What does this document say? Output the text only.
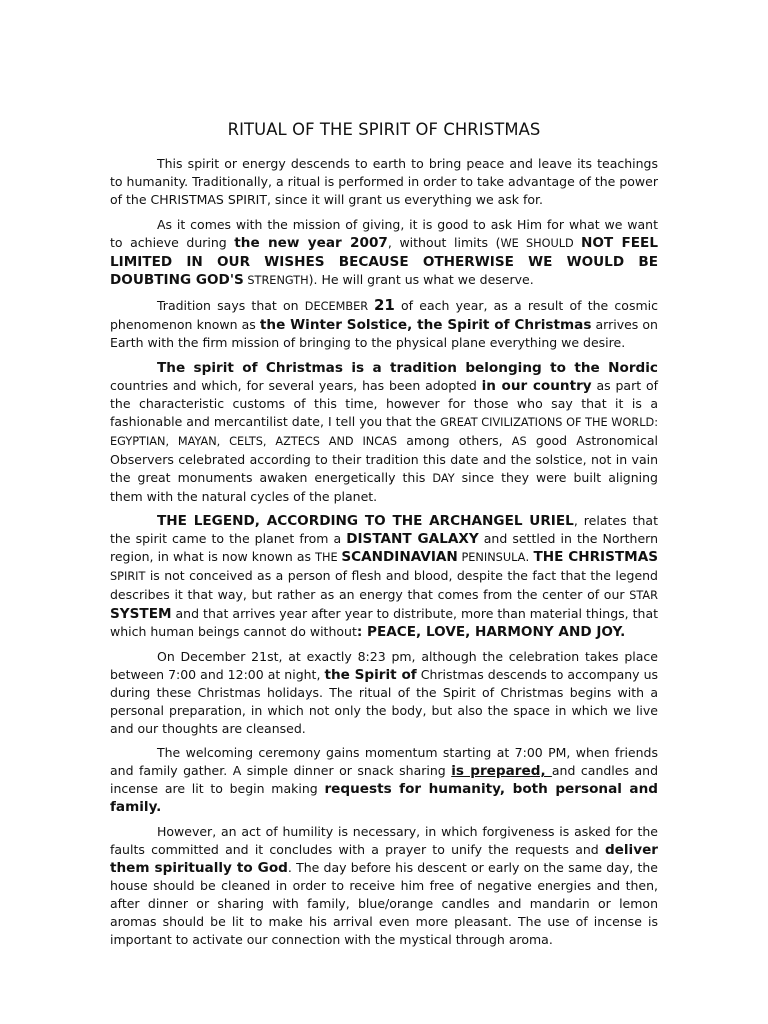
RITUAL OF THE SPIRIT OF CHRISTMAS

This spirit or energy descends to earth to bring peace and leave its teachings to humanity. Traditionally, a ritual is performed in order to take advantage of the power of the CHRISTMAS SPIRIT, since it will grant us everything we ask for.

As it comes with the mission of giving, it is good to ask Him for what we want to achieve during the new year 2007, without limits (WE SHOULD NOT FEEL LIMITED IN OUR WISHES BECAUSE OTHERWISE WE WOULD BE DOUBTING GOD'S STRENGTH). He will grant us what we deserve.

Tradition says that on DECEMBER 21 of each year, as a result of the cosmic phenomenon known as the Winter Solstice, the Spirit of Christmas arrives on Earth with the firm mission of bringing to the physical plane everything we desire.

The spirit of Christmas is a tradition belonging to the Nordic countries and which, for several years, has been adopted in our country as part of the characteristic customs of this time, however for those who say that it is a fashionable and mercantilist date, I tell you that the GREAT CIVILIZATIONS OF THE WORLD: EGYPTIAN, MAYAN, CELTS, AZTECS AND INCAS among others, AS good Astronomical Observers celebrated according to their tradition this date and the solstice, not in vain the great monuments awaken energetically this DAY since they were built aligning them with the natural cycles of the planet.

THE LEGEND, ACCORDING TO THE ARCHANGEL URIEL, relates that the spirit came to the planet from a DISTANT GALAXY and settled in the Northern region, in what is now known as THE SCANDINAVIAN PENINSULA. THE CHRISTMAS SPIRIT is not conceived as a person of flesh and blood, despite the fact that the legend describes it that way, but rather as an energy that comes from the center of our STAR SYSTEM and that arrives year after year to distribute, more than material things, that which human beings cannot do without: PEACE, LOVE, HARMONY AND JOY.

On December 21st, at exactly 8:23 pm, although the celebration takes place between 7:00 and 12:00 at night, the Spirit of Christmas descends to accompany us during these Christmas holidays. The ritual of the Spirit of Christmas begins with a personal preparation, in which not only the body, but also the space in which we live and our thoughts are cleansed.

The welcoming ceremony gains momentum starting at 7:00 PM, when friends and family gather. A simple dinner or snack sharing is prepared, and candles and incense are lit to begin making requests for humanity, both personal and family.

However, an act of humility is necessary, in which forgiveness is asked for the faults committed and it concludes with a prayer to unify the requests and deliver them spiritually to God. The day before his descent or early on the same day, the house should be cleaned in order to receive him free of negative energies and then, after dinner or sharing with family, blue/orange candles and mandarin or lemon aromas should be lit to make his arrival even more pleasant. The use of incense is important to activate our connection with the mystical through aroma.
